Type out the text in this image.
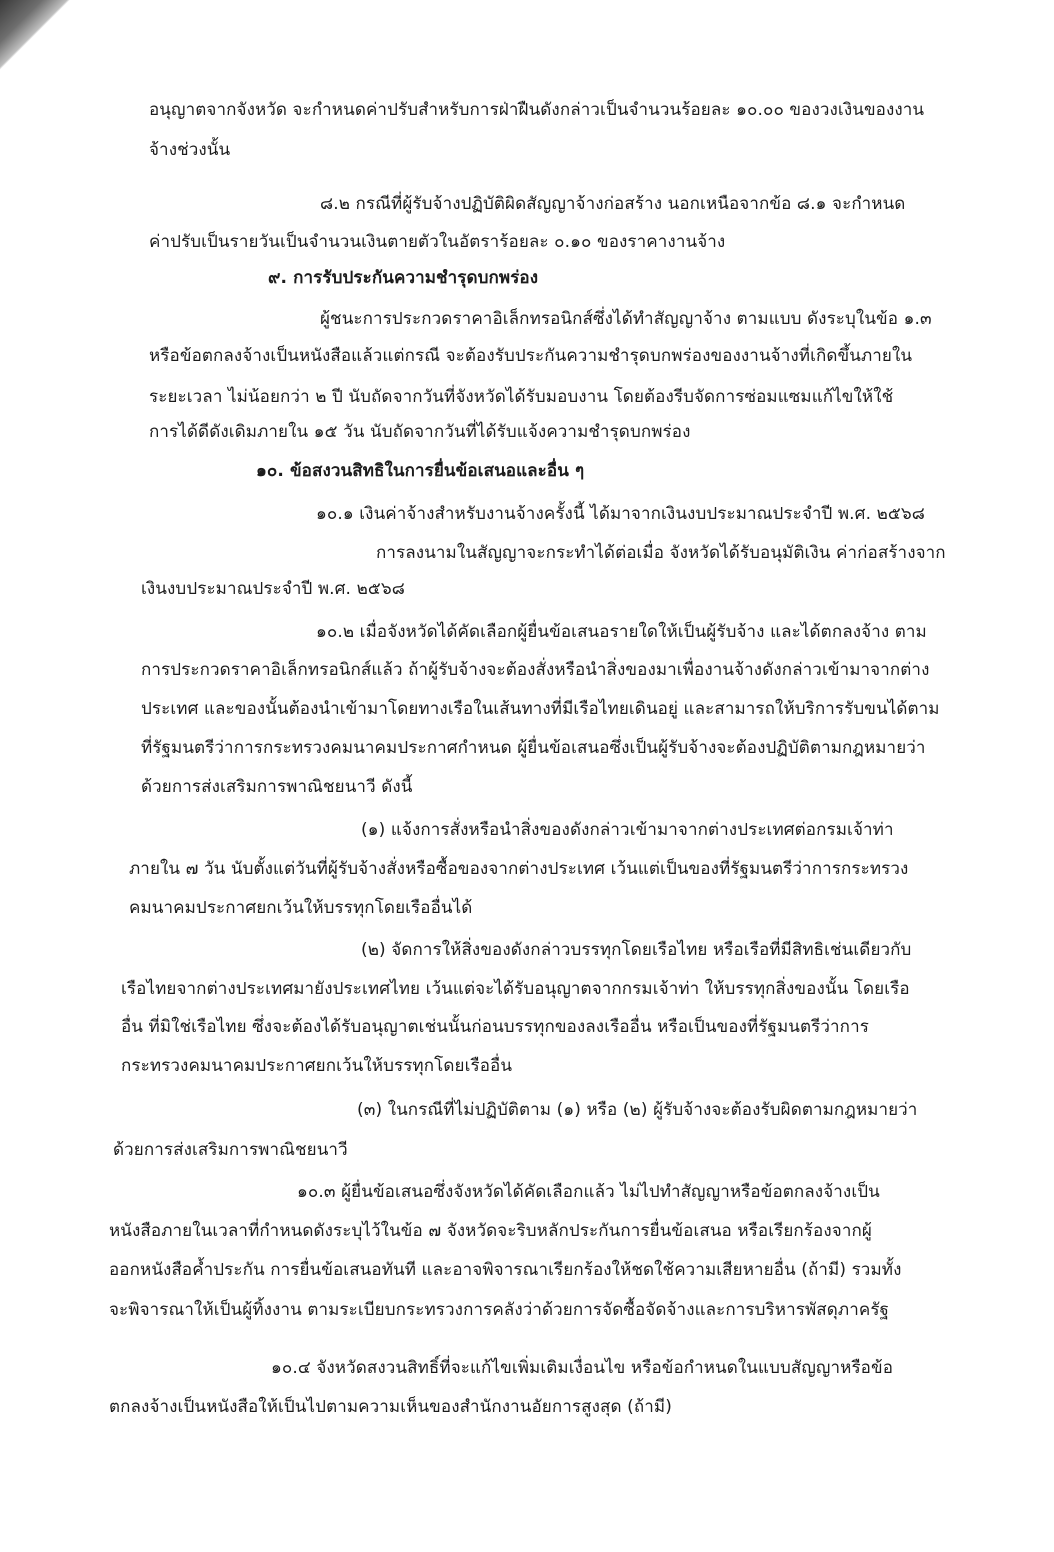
อนุญาตจากจังหวัด จะกำหนดค่าปรับสำหรับการฝ่าฝืนดังกล่าวเป็นจำนวนร้อยละ ๑๐.๐๐ ของวงเงินของงาน
จ้างช่วงนั้น
๘.๒ กรณีที่ผู้รับจ้างปฏิบัติผิดสัญญาจ้างก่อสร้าง นอกเหนือจากข้อ ๘.๑ จะกำหนด
ค่าปรับเป็นรายวันเป็นจำนวนเงินตายตัวในอัตราร้อยละ ๐.๑๐ ของราคางานจ้าง
๙. การรับประกันความชำรุดบกพร่อง
ผู้ชนะการประกวดราคาอิเล็กทรอนิกส์ซึ่งได้ทำสัญญาจ้าง ตามแบบ ดังระบุในข้อ ๑.๓
หรือข้อตกลงจ้างเป็นหนังสือแล้วแต่กรณี จะต้องรับประกันความชำรุดบกพร่องของงานจ้างที่เกิดขึ้นภายใน
ระยะเวลา ไม่น้อยกว่า ๒ ปี นับถัดจากวันที่จังหวัดได้รับมอบงาน โดยต้องรีบจัดการซ่อมแซมแก้ไขให้ใช้
การได้ดีดังเดิมภายใน ๑๕ วัน นับถัดจากวันที่ได้รับแจ้งความชำรุดบกพร่อง
๑๐. ข้อสงวนสิทธิในการยื่นข้อเสนอและอื่น ๆ
๑๐.๑ เงินค่าจ้างสำหรับงานจ้างครั้งนี้ ได้มาจากเงินงบประมาณประจำปี พ.ศ. ๒๕๖๘
การลงนามในสัญญาจะกระทำได้ต่อเมื่อ จังหวัดได้รับอนุมัติเงิน ค่าก่อสร้างจาก
เงินงบประมาณประจำปี พ.ศ. ๒๕๖๘
๑๐.๒ เมื่อจังหวัดได้คัดเลือกผู้ยื่นข้อเสนอรายใดให้เป็นผู้รับจ้าง และได้ตกลงจ้าง ตาม
การประกวดราคาอิเล็กทรอนิกส์แล้ว ถ้าผู้รับจ้างจะต้องสั่งหรือนำสิ่งของมาเพื่องานจ้างดังกล่าวเข้ามาจากต่าง
ประเทศ และของนั้นต้องนำเข้ามาโดยทางเรือในเส้นทางที่มีเรือไทยเดินอยู่ และสามารถให้บริการรับขนได้ตาม
ที่รัฐมนตรีว่าการกระทรวงคมนาคมประกาศกำหนด ผู้ยื่นข้อเสนอซึ่งเป็นผู้รับจ้างจะต้องปฏิบัติตามกฎหมายว่า
ด้วยการส่งเสริมการพาณิชยนาวี ดังนี้
(๑) แจ้งการสั่งหรือนำสิ่งของดังกล่าวเข้ามาจากต่างประเทศต่อกรมเจ้าท่า
ภายใน ๗ วัน นับตั้งแต่วันที่ผู้รับจ้างสั่งหรือซื้อของจากต่างประเทศ เว้นแต่เป็นของที่รัฐมนตรีว่าการกระทรวง
คมนาคมประกาศยกเว้นให้บรรทุกโดยเรืออื่นได้
(๒) จัดการให้สิ่งของดังกล่าวบรรทุกโดยเรือไทย หรือเรือที่มีสิทธิเช่นเดียวกับ
เรือไทยจากต่างประเทศมายังประเทศไทย เว้นแต่จะได้รับอนุญาตจากกรมเจ้าท่า ให้บรรทุกสิ่งของนั้น โดยเรือ
อื่น ที่มิใช่เรือไทย ซึ่งจะต้องได้รับอนุญาตเช่นนั้นก่อนบรรทุกของลงเรืออื่น หรือเป็นของที่รัฐมนตรีว่าการ
กระทรวงคมนาคมประกาศยกเว้นให้บรรทุกโดยเรืออื่น
(๓) ในกรณีที่ไม่ปฏิบัติตาม (๑) หรือ (๒) ผู้รับจ้างจะต้องรับผิดตามกฎหมายว่า
ด้วยการส่งเสริมการพาณิชยนาวี
๑๐.๓ ผู้ยื่นข้อเสนอซึ่งจังหวัดได้คัดเลือกแล้ว ไม่ไปทำสัญญาหรือข้อตกลงจ้างเป็น
หนังสือภายในเวลาที่กำหนดดังระบุไว้ในข้อ ๗ จังหวัดจะริบหลักประกันการยื่นข้อเสนอ หรือเรียกร้องจากผู้
ออกหนังสือค้ำประกัน การยื่นข้อเสนอทันที และอาจพิจารณาเรียกร้องให้ชดใช้ความเสียหายอื่น (ถ้ามี) รวมทั้ง
จะพิจารณาให้เป็นผู้ทิ้งงาน ตามระเบียบกระทรวงการคลังว่าด้วยการจัดซื้อจัดจ้างและการบริหารพัสดุภาครัฐ
๑๐.๔ จังหวัดสงวนสิทธิ์ที่จะแก้ไขเพิ่มเติมเงื่อนไข หรือข้อกำหนดในแบบสัญญาหรือข้อ
ตกลงจ้างเป็นหนังสือให้เป็นไปตามความเห็นของสำนักงานอัยการสูงสุด (ถ้ามี)
